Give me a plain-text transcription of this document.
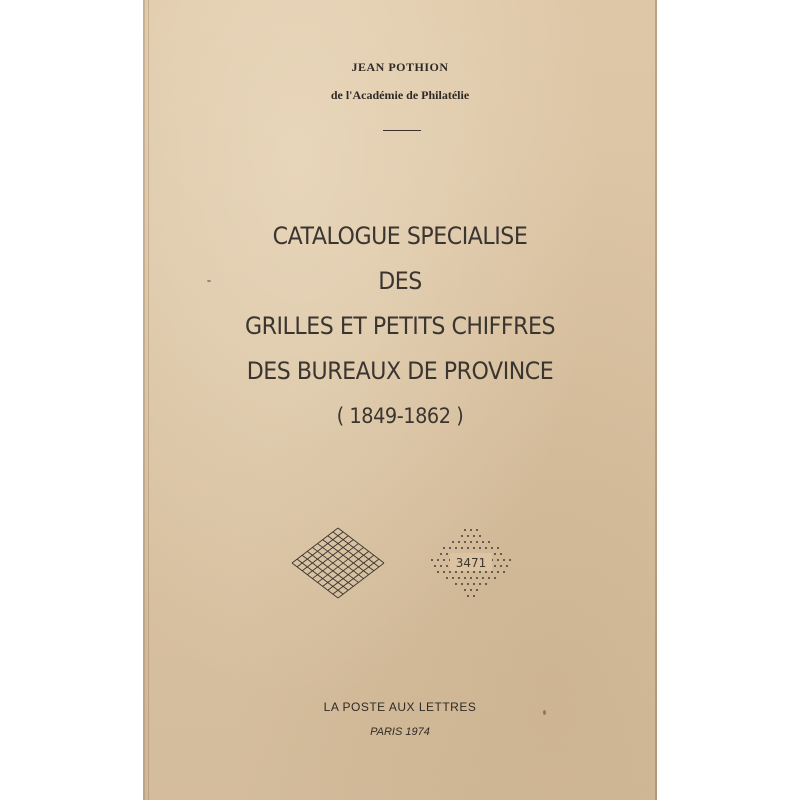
JEAN POTHION
de l'Académie de Philatélie
CATALOGUE SPECIALISE
DES
GRILLES ET PETITS CHIFFRES
DES BUREAUX DE PROVINCE
( 1849-1862 )
3471
LA POSTE AUX LETTRES
PARIS 1974
